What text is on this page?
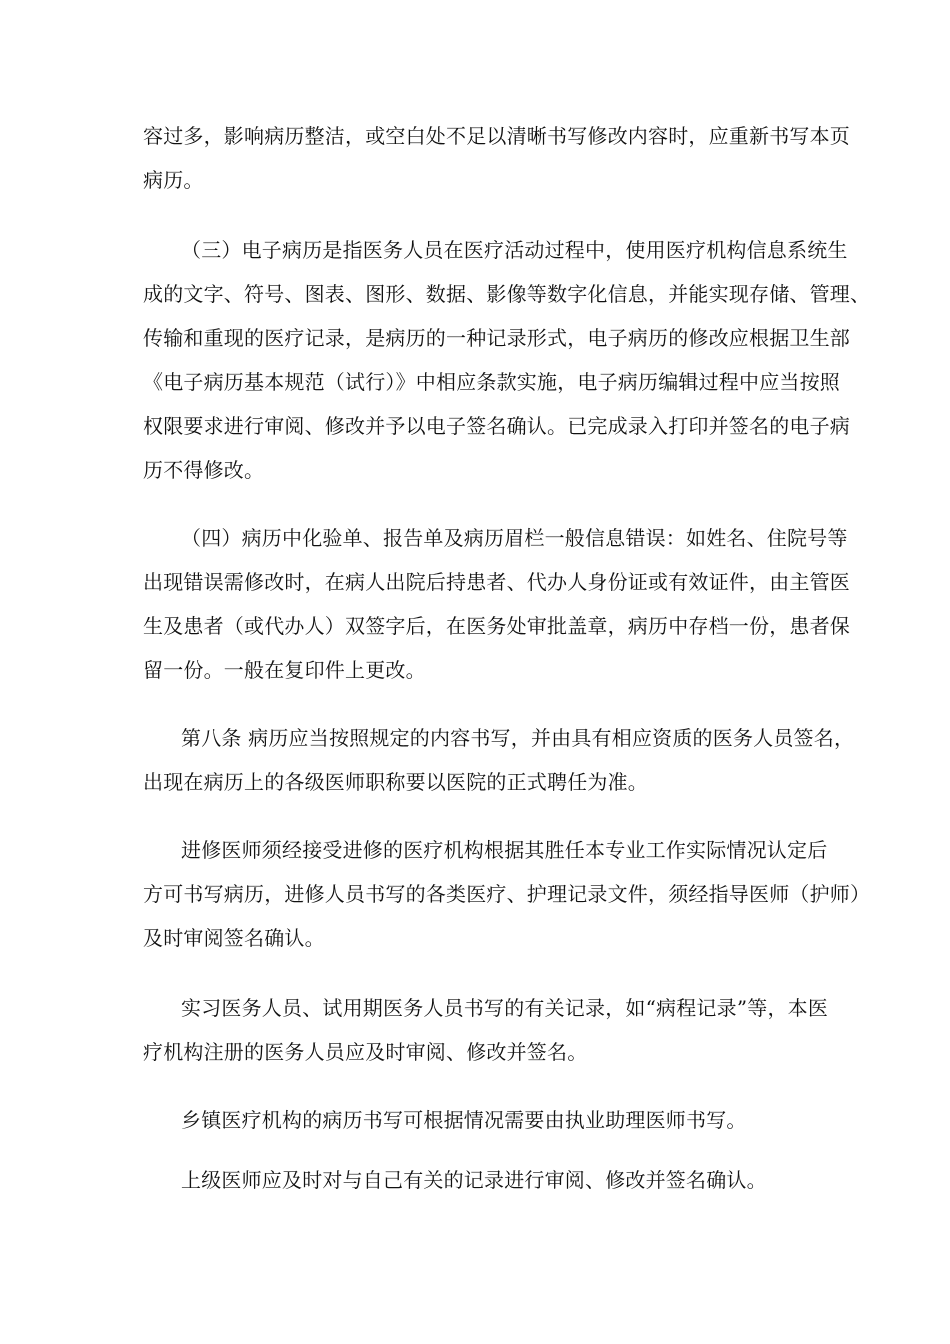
容过多，影响病历整洁，或空白处不足以清晰书写修改内容时，应重新书写本页
病历。
（三）电子病历是指医务人员在医疗活动过程中，使用医疗机构信息系统生
成的文字、符号、图表、图形、数据、影像等数字化信息，并能实现存储、管理、
传输和重现的医疗记录，是病历的一种记录形式，电子病历的修改应根据卫生部
《电子病历基本规范（试行）》中相应条款实施，电子病历编辑过程中应当按照
权限要求进行审阅、修改并予以电子签名确认。已完成录入打印并签名的电子病
历不得修改。
（四）病历中化验单、报告单及病历眉栏一般信息错误：如姓名、住院号等
出现错误需修改时，在病人出院后持患者、代办人身份证或有效证件，由主管医
生及患者（或代办人）双签字后，在医务处审批盖章，病历中存档一份，患者保
留一份。一般在复印件上更改。
第八条 病历应当按照规定的内容书写，并由具有相应资质的医务人员签名，
出现在病历上的各级医师职称要以医院的正式聘任为准。
进修医师须经接受进修的医疗机构根据其胜任本专业工作实际情况认定后
方可书写病历，进修人员书写的各类医疗、护理记录文件，须经指导医师（护师）
及时审阅签名确认。
实习医务人员、试用期医务人员书写的有关记录，如“病程记录”等，本医
疗机构注册的医务人员应及时审阅、修改并签名。
乡镇医疗机构的病历书写可根据情况需要由执业助理医师书写。
上级医师应及时对与自己有关的记录进行审阅、修改并签名确认。
